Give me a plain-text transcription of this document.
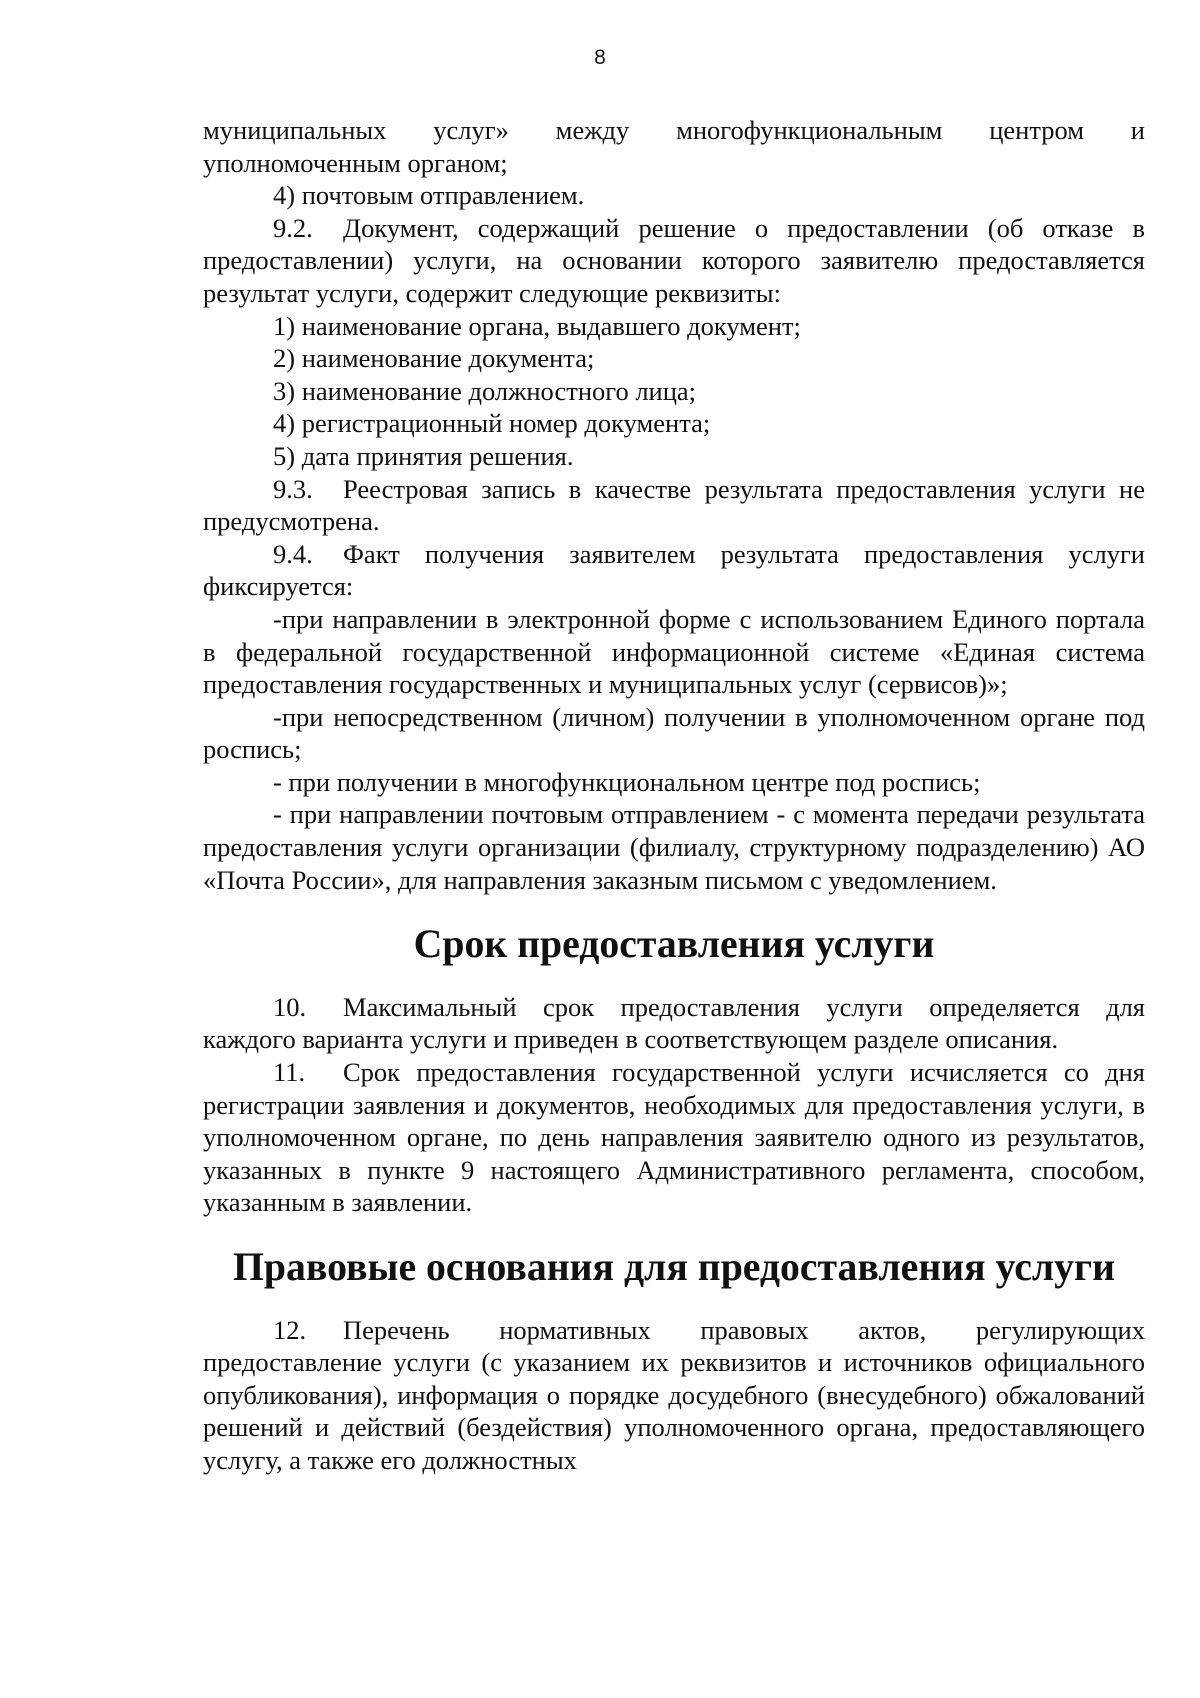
8

муниципальных услуг» между многофункциональным центром и уполномоченным органом;

4) почтовым отправлением.

9.2. Документ, содержащий решение о предоставлении (об отказе в предоставлении) услуги, на основании которого заявителю предоставляется результат услуги, содержит следующие реквизиты:

1) наименование органа, выдавшего документ;

2) наименование документа;

3) наименование должностного лица;

4) регистрационный номер документа;

5) дата принятия решения.

9.3. Реестровая запись в качестве результата предоставления услуги не предусмотрена.

9.4. Факт получения заявителем результата предоставления услуги фиксируется:

-при направлении в электронной форме с использованием Единого портала в федеральной государственной информационной системе «Единая система предоставления государственных и муниципальных услуг (сервисов)»;

-при непосредственном (личном) получении в уполномоченном органе под роспись;

- при получении в многофункциональном центре под роспись;

- при направлении почтовым отправлением - с момента передачи результата предоставления услуги организации (филиалу, структурному подразделению) АО «Почта России», для направления заказным письмом с уведомлением.

Срок предоставления услуги

10. Максимальный срок предоставления услуги определяется для каждого варианта услуги и приведен в соответствующем разделе описания.

11. Срок предоставления государственной услуги исчисляется со дня регистрации заявления и документов, необходимых для предоставления услуги, в уполномоченном органе, по день направления заявителю одного из результатов, указанных в пункте 9 настоящего Административного регламента, способом, указанным в заявлении.

Правовые основания для предоставления услуги

12. Перечень нормативных правовых актов, регулирующих предоставление услуги (с указанием их реквизитов и источников официального опубликования), информация о порядке досудебного (внесудебного) обжалований решений и действий (бездействия) уполномоченного органа, предоставляющего услугу, а также его должностных
